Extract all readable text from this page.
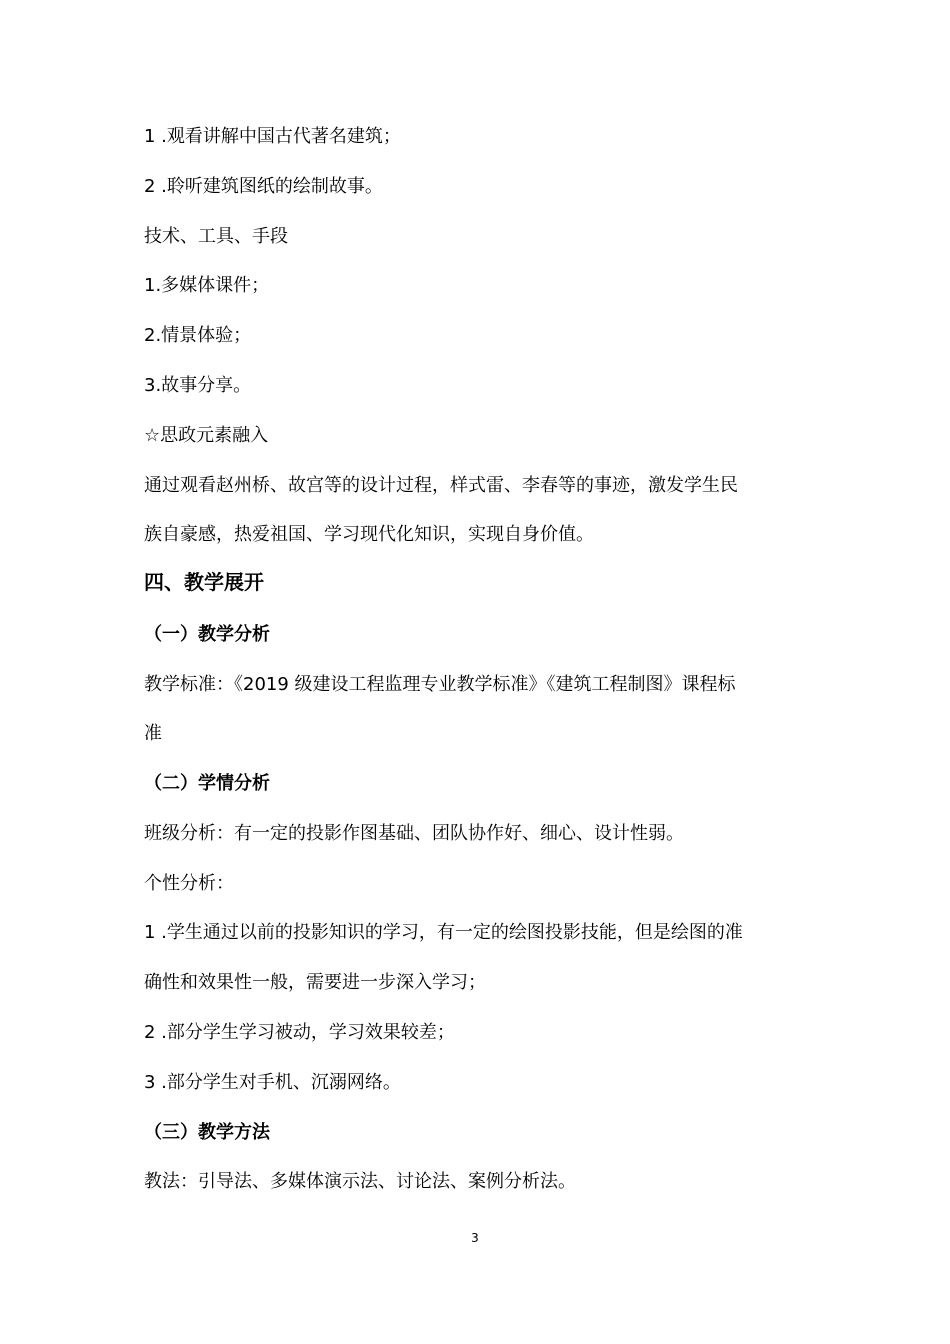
1 .观看讲解中国古代著名建筑；

2 .聆听建筑图纸的绘制故事。

技术、工具、手段

1.多媒体课件；

2.情景体验；

3.故事分享。

☆思政元素融入

通过观看赵州桥、故宫等的设计过程，样式雷、李春等的事迹，激发学生民

族自豪感，热爱祖国、学习现代化知识，实现自身价值。

四、教学展开

（一）教学分析

教学标准：《2019 级建设工程监理专业教学标准》《建筑工程制图》课程标

准

（二）学情分析

班级分析：有一定的投影作图基础、团队协作好、细心、设计性弱。

个性分析：

1 .学生通过以前的投影知识的学习，有一定的绘图投影技能，但是绘图的准

确性和效果性一般，需要进一步深入学习；

2 .部分学生学习被动，学习效果较差；

3 .部分学生对手机、沉溺网络。

（三）教学方法

教法：引导法、多媒体演示法、讨论法、案例分析法。

3
